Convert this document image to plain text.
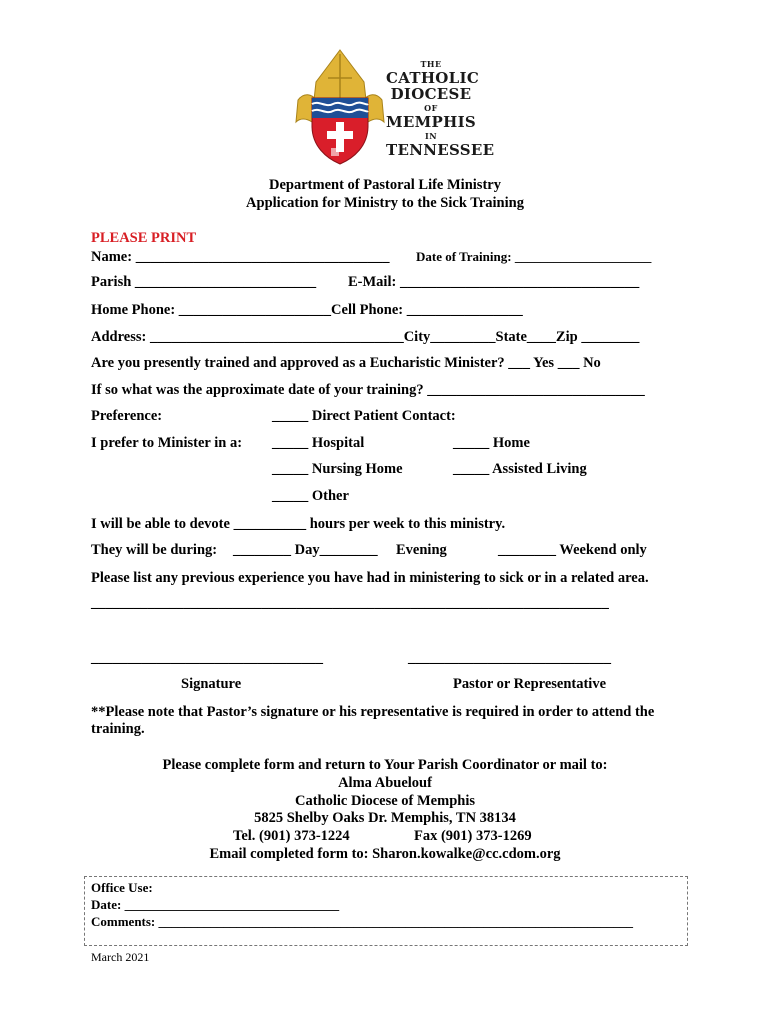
THE
CATHOLIC
DIOCESE
OF
MEMPHIS
IN
TENNESSEE
Department of Pastoral Life Ministry
Application for Ministry to the Sick Training
PLEASE PRINT
Name: ___________________________________ Date of Training: _____________________
Parish _________________________ E-Mail: _________________________________
Home Phone: _____________________Cell Phone: ________________
Address: ___________________________________City_________State____Zip ________
Are you presently trained and approved as a Eucharistic Minister? ___ Yes ___ No
If so what was the approximate date of your training? ______________________________
Preference:	_____ Direct Patient Contact:
I prefer to Minister in a: _____ Hospital	_____ Home
_____ Nursing Home	_____ Assisted Living
_____ Other
I will be able to devote __________ hours per week to this ministry.
They will be during: ________ Day________ Evening	________ Weekend only
Please list any previous experience you have had in ministering to sick or in a related area.
_________________________________________________________________________
________________________________	____________________________
Signature	Pastor or Representative
**Please note that Pastor’s signature or his representative is required in order to attend the
training.
Please complete form and return to Your Parish Coordinator or mail to:
Alma Abuelouf
Catholic Diocese of Memphis
5825 Shelby Oaks Dr. Memphis, TN 38134
Tel. (901) 373-1224	Fax (901) 373-1269
Email completed form to: Sharon.kowalke@cc.cdom.org
Office Use:
Date: _________________________________
Comments: _________________________________________________________________________
March 2021
